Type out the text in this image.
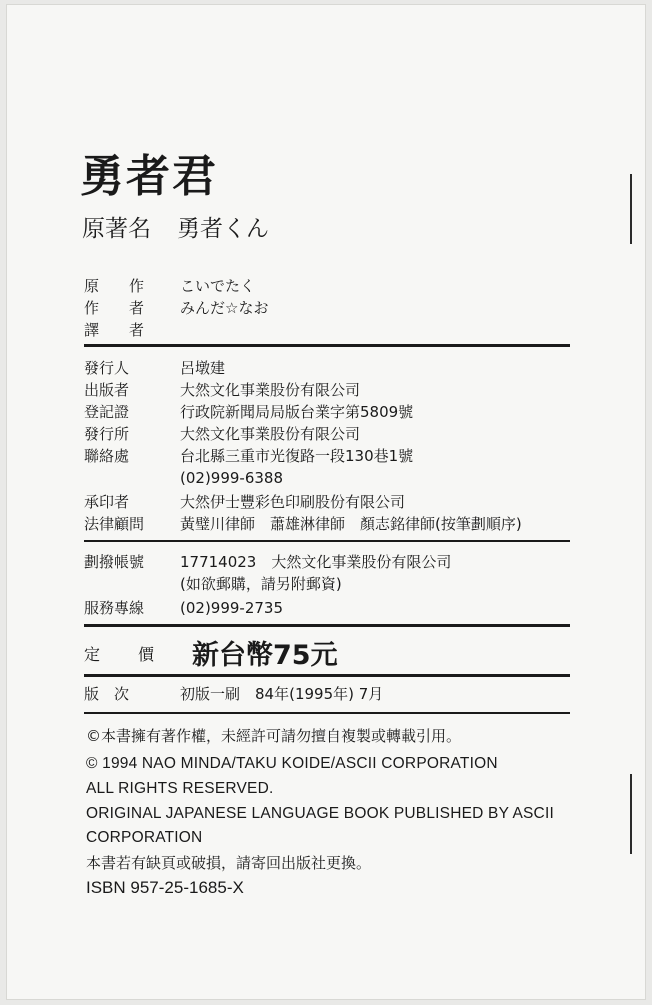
勇者君
原著名 勇者くん
原　　作 こいでたく
作　　者 みんだ☆なお
譯　　者
發行人	呂墩建
出版者	大然文化事業股份有限公司
登記證	行政院新聞局局版台業字第5809號
發行所	大然文化事業股份有限公司
聯絡處	台北縣三重市光復路一段130巷1號
(02)999-6388
承印者	大然伊士豐彩色印刷股份有限公司
法律顧問 黃璧川律師　蕭雄淋律師　顏志銘律師(按筆劃順序)
劃撥帳號 17714023　大然文化事業股份有限公司
(如欲郵購，請另附郵資)
服務專線 (02)999-2735
定價 新台幣75元
版　次	初版一刷　84年(1995年) 7月
©本書擁有著作權，未經許可請勿擅自複製或轉載引用。
© 1994 NAO MINDA/TAKU KOIDE/ASCII CORPORATION
ALL RIGHTS RESERVED.
ORIGINAL JAPANESE LANGUAGE BOOK PUBLISHED BY ASCII
CORPORATION
本書若有缺頁或破損，請寄回出版社更換。
ISBN 957-25-1685-X
